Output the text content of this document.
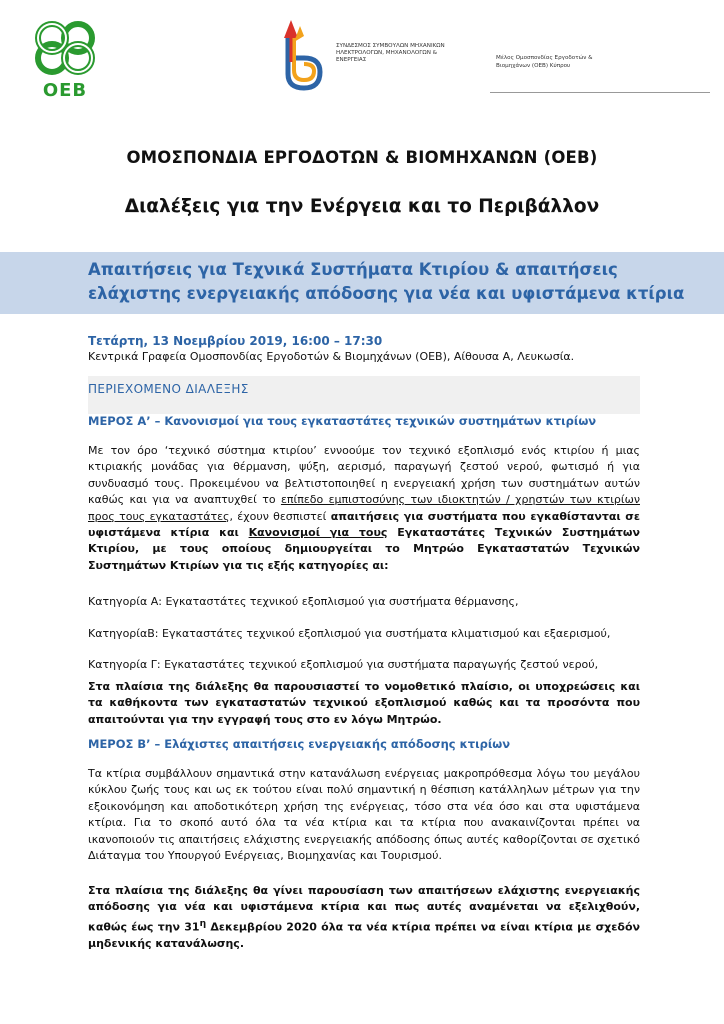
OEB
ΣΥΝΔΕΣΜΟΣ ΣΥΜΒΟΥΛΩΝ ΜΗΧΑΝΙΚΩΝ ΗΛΕΚΤΡΟΛΟΓΩΝ, ΜΗΧΑΝΟΛΟΓΩΝ & ΕΝΕΡΓΕΙΑΣ	Μέλος Ομοσπονδίας Εργοδοτών & Βιομηχάνων (ΟΕΒ) Κύπρου
ΟΜΟΣΠΟΝΔΙΑ ΕΡΓΟΔΟΤΩΝ & ΒΙΟΜΗΧΑΝΩΝ (ΟΕΒ)
Διαλέξεις για την Ενέργεια και το Περιβάλλον
Απαιτήσεις για Τεχνικά Συστήματα Κτιρίου & απαιτήσεις ελάχιστης ενεργειακής απόδοσης για νέα και υφιστάμενα κτίρια
Τετάρτη, 13 Νοεμβρίου 2019, 16:00 – 17:30
Κεντρικά Γραφεία Ομοσπονδίας Εργοδοτών & Βιομηχάνων (ΟΕΒ), Αίθουσα Α, Λευκωσία.
ΠΕΡΙΕΧΟΜΕΝΟ ΔΙΑΛΕΞΗΣ
ΜΕΡΟΣ Α’ – Κανονισμοί για τους εγκαταστάτες τεχνικών συστημάτων κτιρίων
Με τον όρο ‘τεχνικό σύστημα κτιρίου’ εννοούμε τον τεχνικό εξοπλισμό ενός κτιρίου ή μιας κτιριακής μονάδας για θέρμανση, ψύξη, αερισμό, παραγωγή ζεστού νερού, φωτισμό ή για συνδυασμό τους. Προκειμένου να βελτιστοποιηθεί η ενεργειακή χρήση των συστημάτων αυτών καθώς και για να αναπτυχθεί το επίπεδο εμπιστοσύνης των ιδιοκτητών / χρηστών των κτιρίων προς τους εγκαταστάτες, έχουν θεσπιστεί απαιτήσεις για συστήματα που εγκαθίστανται σε υφιστάμενα κτίρια και Κανονισμοί για τους Εγκαταστάτες Τεχνικών Συστημάτων Κτιρίου, με τους οποίους δημιουργείται το Μητρώο Εγκαταστατών Τεχνικών Συστημάτων Κτιρίων για τις εξής κατηγορίες αι:
Κατηγορία Α: Εγκαταστάτες τεχνικού εξοπλισμού για συστήματα θέρμανσης,
ΚατηγορίαΒ: Εγκαταστάτες τεχνικού εξοπλισμού για συστήματα κλιματισμού και εξαερισμού,
Κατηγορία Γ: Εγκαταστάτες τεχνικού εξοπλισμού για συστήματα παραγωγής ζεστού νερού,
Στα πλαίσια της διάλεξης θα παρουσιαστεί το νομοθετικό πλαίσιο, οι υποχρεώσεις και τα καθήκοντα των εγκαταστατών τεχνικού εξοπλισμού καθώς και τα προσόντα που απαιτούνται για την εγγραφή τους στο εν λόγω Μητρώο.
ΜΕΡΟΣ Β’ – Ελάχιστες απαιτήσεις ενεργειακής απόδοσης κτιρίων
Τα κτίρια συμβάλλουν σημαντικά στην κατανάλωση ενέργειας μακροπρόθεσμα λόγω του μεγάλου κύκλου ζωής τους και ως εκ τούτου είναι πολύ σημαντική η θέσπιση κατάλληλων μέτρων για την εξοικονόμηση και αποδοτικότερη χρήση της ενέργειας, τόσο στα νέα όσο και στα υφιστάμενα κτίρια. Για το σκοπό αυτό όλα τα νέα κτίρια και τα κτίρια που ανακαινίζονται πρέπει να ικανοποιούν τις απαιτήσεις ελάχιστης ενεργειακής απόδοσης όπως αυτές καθορίζονται σε σχετικό Διάταγμα του Υπουργού Ενέργειας, Βιομηχανίας και Τουρισμού.
Στα πλαίσια της διάλεξης θα γίνει παρουσίαση των απαιτήσεων ελάχιστης ενεργειακής απόδοσης για νέα και υφιστάμενα κτίρια και πως αυτές αναμένεται να εξελιχθούν, καθώς έως την $31^\eta$ Δεκεμβρίου 2020 όλα τα νέα κτίρια πρέπει να είναι κτίρια με σχεδόν μηδενικής κατανάλωσης.
